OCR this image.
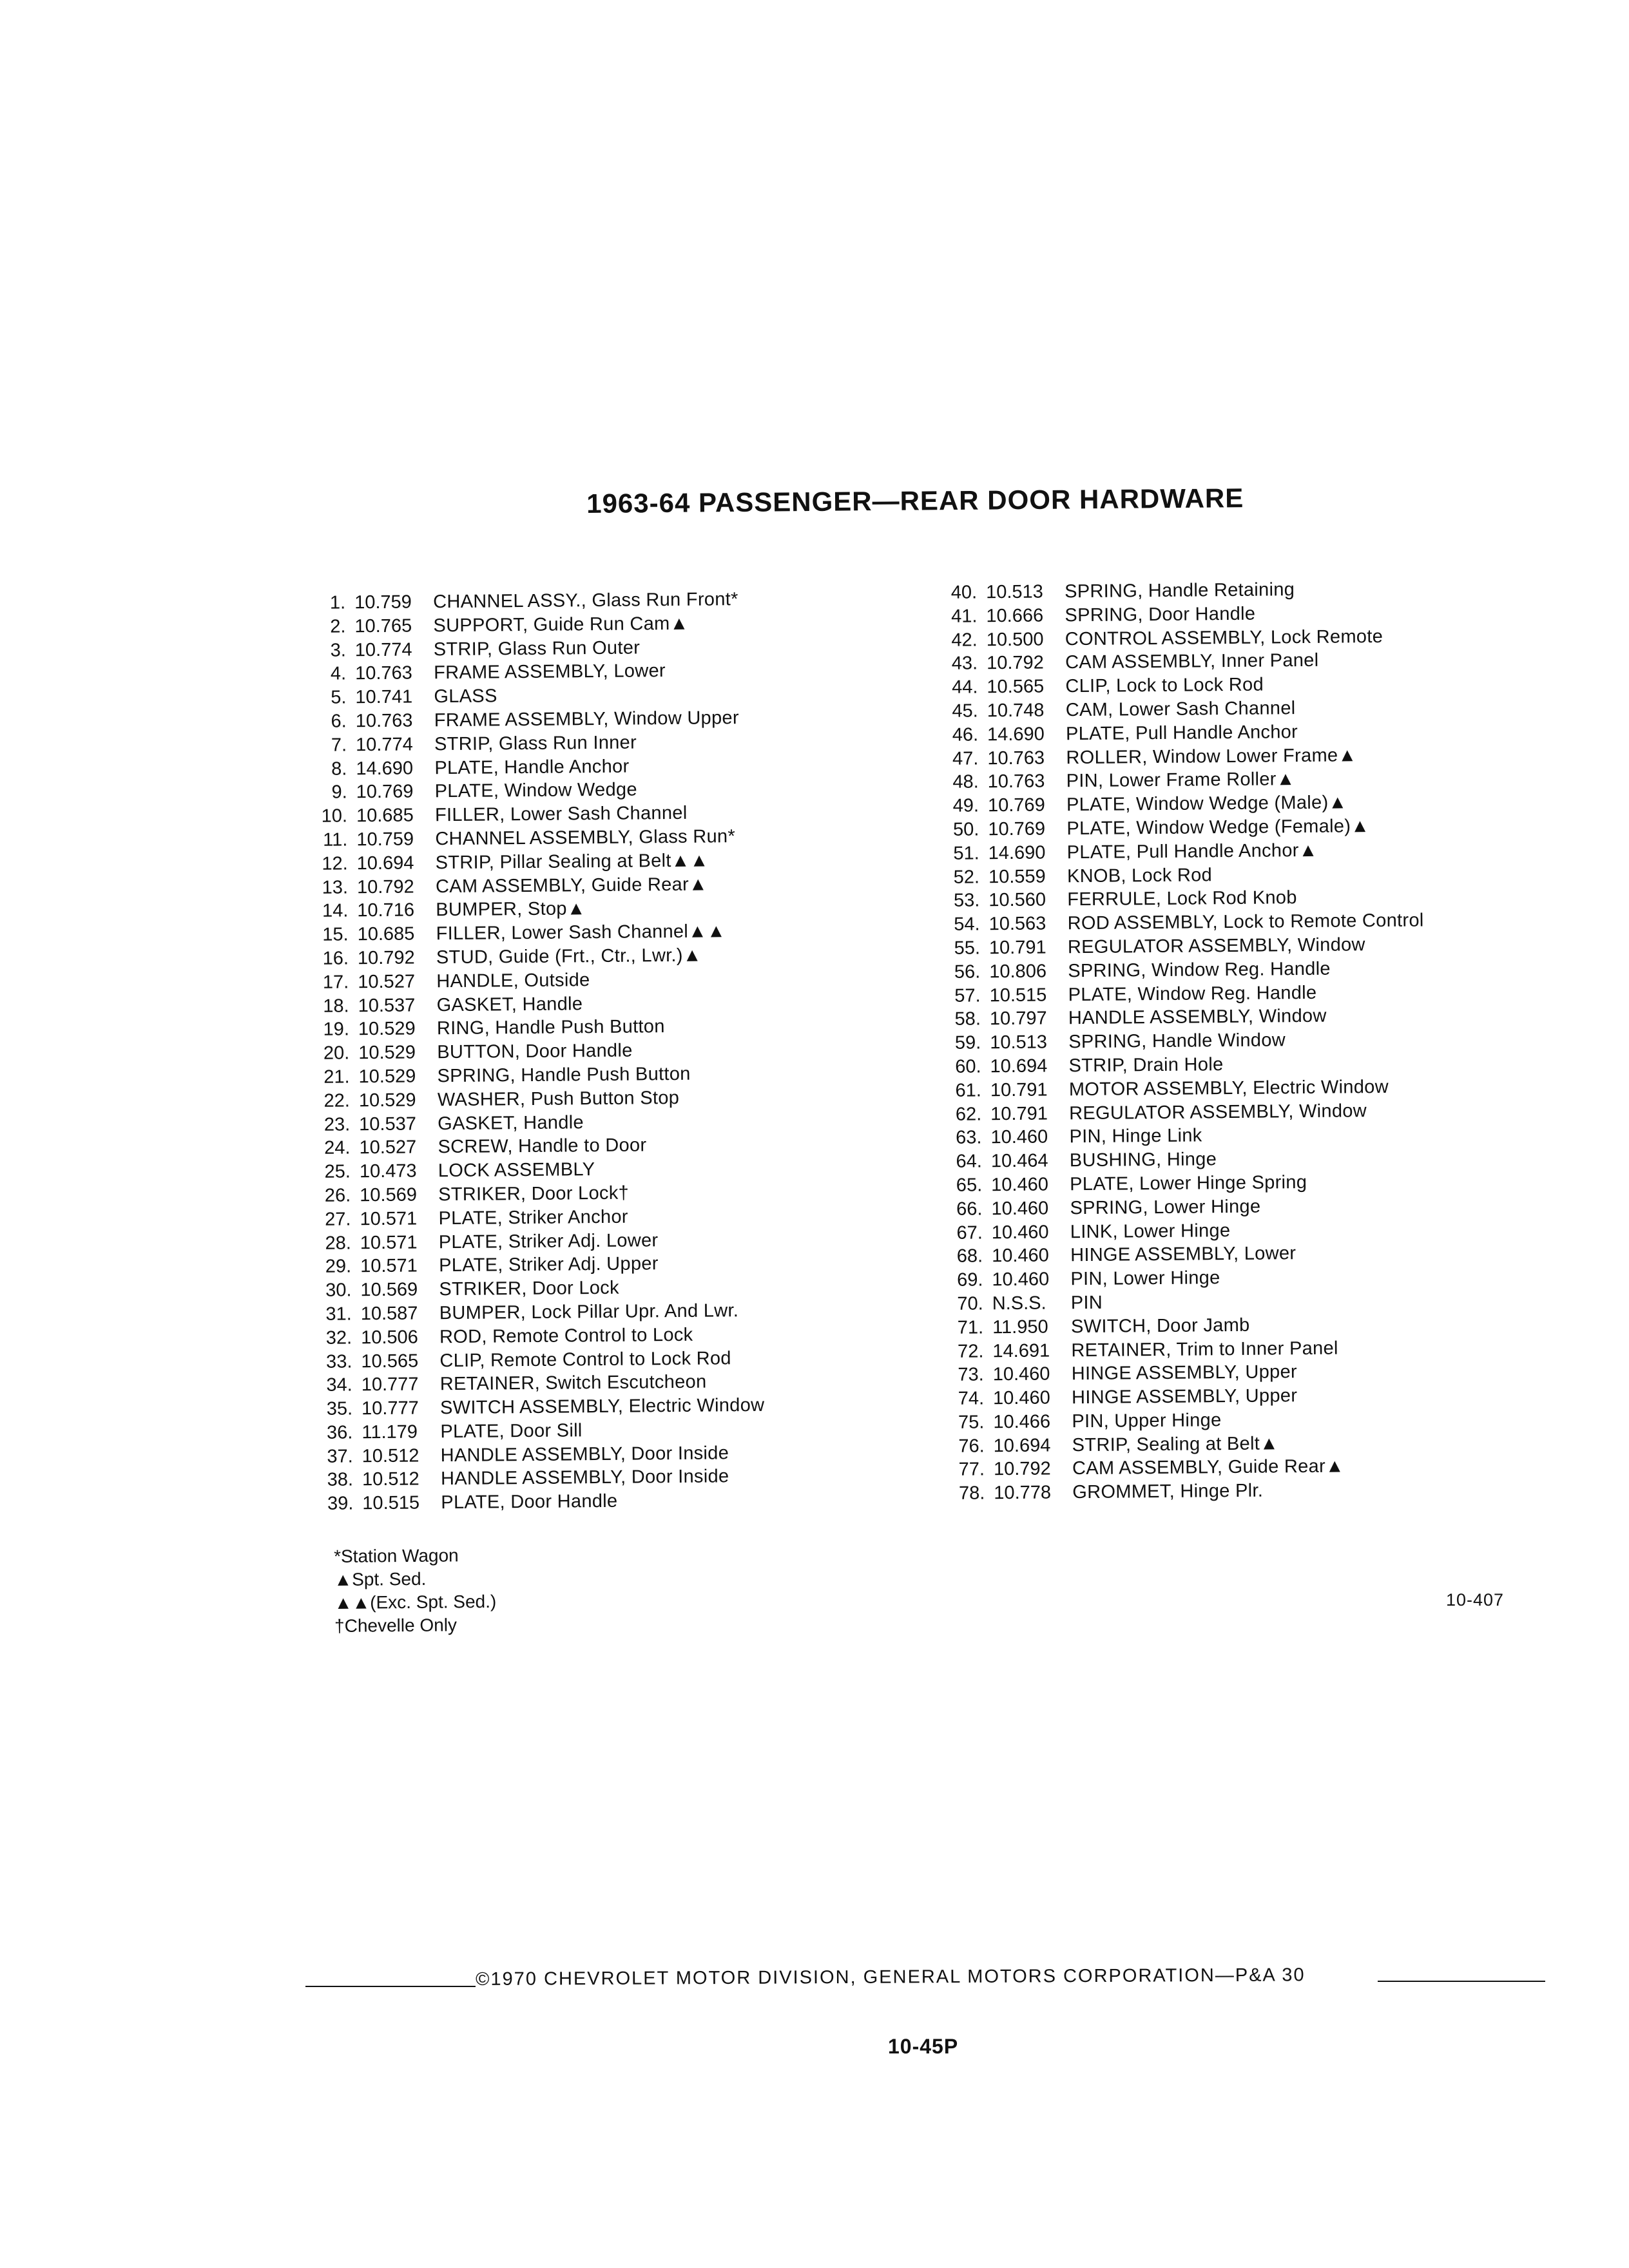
1963-64 PASSENGER—REAR DOOR HARDWARE
1. 10.759	CHANNEL ASSY., Glass Run Front*
2. 10.765	SUPPORT, Guide Run Cam▲
3. 10.774	STRIP, Glass Run Outer
4. 10.763	FRAME ASSEMBLY, Lower
5. 10.741	GLASS
6. 10.763	FRAME ASSEMBLY, Window Upper
7. 10.774	STRIP, Glass Run Inner
8. 14.690	PLATE, Handle Anchor
9. 10.769	PLATE, Window Wedge
10. 10.685	FILLER, Lower Sash Channel
11. 10.759	CHANNEL ASSEMBLY, Glass Run*
12. 10.694	STRIP, Pillar Sealing at Belt▲▲
13. 10.792	CAM ASSEMBLY, Guide Rear▲
14. 10.716	BUMPER, Stop▲
15. 10.685	FILLER, Lower Sash Channel▲▲
16. 10.792	STUD, Guide (Frt., Ctr., Lwr.)▲
17. 10.527	HANDLE, Outside
18. 10.537	GASKET, Handle
19. 10.529	RING, Handle Push Button
20. 10.529	BUTTON, Door Handle
21. 10.529	SPRING, Handle Push Button
22. 10.529	WASHER, Push Button Stop
23. 10.537	GASKET, Handle
24. 10.527	SCREW, Handle to Door
25. 10.473	LOCK ASSEMBLY
26. 10.569	STRIKER, Door Lock†
27. 10.571	PLATE, Striker Anchor
28. 10.571	PLATE, Striker Adj. Lower
29. 10.571	PLATE, Striker Adj. Upper
30. 10.569	STRIKER, Door Lock
31. 10.587	BUMPER, Lock Pillar Upr. And Lwr.
32. 10.506	ROD, Remote Control to Lock
33. 10.565	CLIP, Remote Control to Lock Rod
34. 10.777	RETAINER, Switch Escutcheon
35. 10.777	SWITCH ASSEMBLY, Electric Window
36. 11.179	PLATE, Door Sill
37. 10.512	HANDLE ASSEMBLY, Door Inside
38. 10.512	HANDLE ASSEMBLY, Door Inside
39. 10.515	PLATE, Door Handle
40. 10.513	SPRING, Handle Retaining
41. 10.666	SPRING, Door Handle
42. 10.500	CONTROL ASSEMBLY, Lock Remote
43. 10.792	CAM ASSEMBLY, Inner Panel
44. 10.565	CLIP, Lock to Lock Rod
45. 10.748	CAM, Lower Sash Channel
46. 14.690	PLATE, Pull Handle Anchor
47. 10.763	ROLLER, Window Lower Frame▲
48. 10.763	PIN, Lower Frame Roller▲
49. 10.769	PLATE, Window Wedge (Male)▲
50. 10.769	PLATE, Window Wedge (Female)▲
51. 14.690	PLATE, Pull Handle Anchor▲
52. 10.559	KNOB, Lock Rod
53. 10.560	FERRULE, Lock Rod Knob
54. 10.563	ROD ASSEMBLY, Lock to Remote Control
55. 10.791	REGULATOR ASSEMBLY, Window
56. 10.806	SPRING, Window Reg. Handle
57. 10.515	PLATE, Window Reg. Handle
58. 10.797	HANDLE ASSEMBLY, Window
59. 10.513	SPRING, Handle Window
60. 10.694	STRIP, Drain Hole
61. 10.791	MOTOR ASSEMBLY, Electric Window
62. 10.791	REGULATOR ASSEMBLY, Window
63. 10.460	PIN, Hinge Link
64. 10.464	BUSHING, Hinge
65. 10.460	PLATE, Lower Hinge Spring
66. 10.460	SPRING, Lower Hinge
67. 10.460	LINK, Lower Hinge
68. 10.460	HINGE ASSEMBLY, Lower
69. 10.460	PIN, Lower Hinge
70. N.S.S.	PIN
71. 11.950	SWITCH, Door Jamb
72. 14.691	RETAINER, Trim to Inner Panel
73. 10.460	HINGE ASSEMBLY, Upper
74. 10.460	HINGE ASSEMBLY, Upper
75. 10.466	PIN, Upper Hinge
76. 10.694	STRIP, Sealing at Belt▲
77. 10.792	CAM ASSEMBLY, Guide Rear▲
78. 10.778	GROMMET, Hinge Plr.
*Station Wagon
▲Spt. Sed.
▲▲(Exc. Spt. Sed.)
†Chevelle Only
10-407
©1970 CHEVROLET MOTOR DIVISION, GENERAL MOTORS CORPORATION—P&A 30
10-45P
